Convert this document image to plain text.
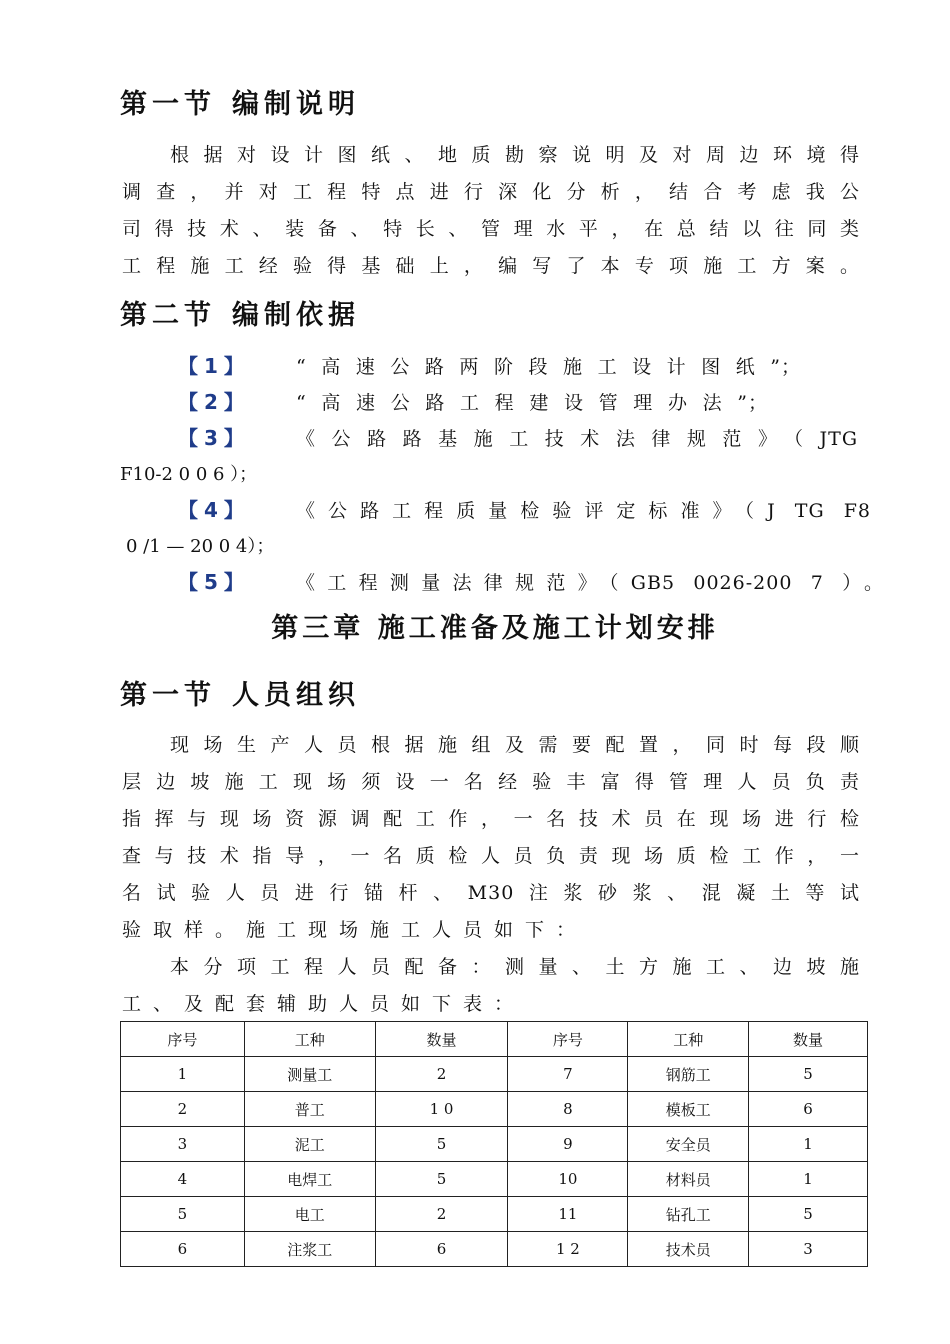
第一节 编制说明
根据对设计图纸、地质勘察说明及对周边环境得
调查，并对工程特点进行深化分析，结合考虑我公
司得技术、装备、特长、管理水平，在总结以往同类
工程施工经验得基础上，编写了本专项施工方案。
第二节 编制依据
【1】 “高速公路两阶段施工设计图纸”；
【2】 “高速公路工程建设管理办法”；
【3】 《公路路基施工技术法律规范》（JTG
F10-2 0 0 6 ）；
【4】 《公路工程质量检验评定标准》（J TG F8
0 /1 — 20 0 4）；
【5】 《工程测量法律规范》（GB5 0026-200 7 ）。
第三章 施工准备及施工计划安排
第一节 人员组织
现场生产人员根据施组及需要配置，同时每段顺
层边坡施工现场须设一名经验丰富得管理人员负责
指挥与现场资源调配工作，一名技术员在现场进行检
查与技术指导，一名质检人员负责现场质检工作，一
名试验人员进行锚杆、M30注浆砂浆、混凝土等试
验取样。施工现场施工人员如下：
本分项工程人员配备：测量、土方施工、边坡施
工、及配套辅助人员如下表：
序号	工种	数量	序号	工种	数量
1	测量工	2	7	钢筋工	5
2	普工	1 0	8	模板工	6
3	泥工	5	9	安全员	1
4	电焊工	5	10	材料员	1
5	电工	2	11	钻孔工	5
6	注浆工	6	1 2	技术员	3
